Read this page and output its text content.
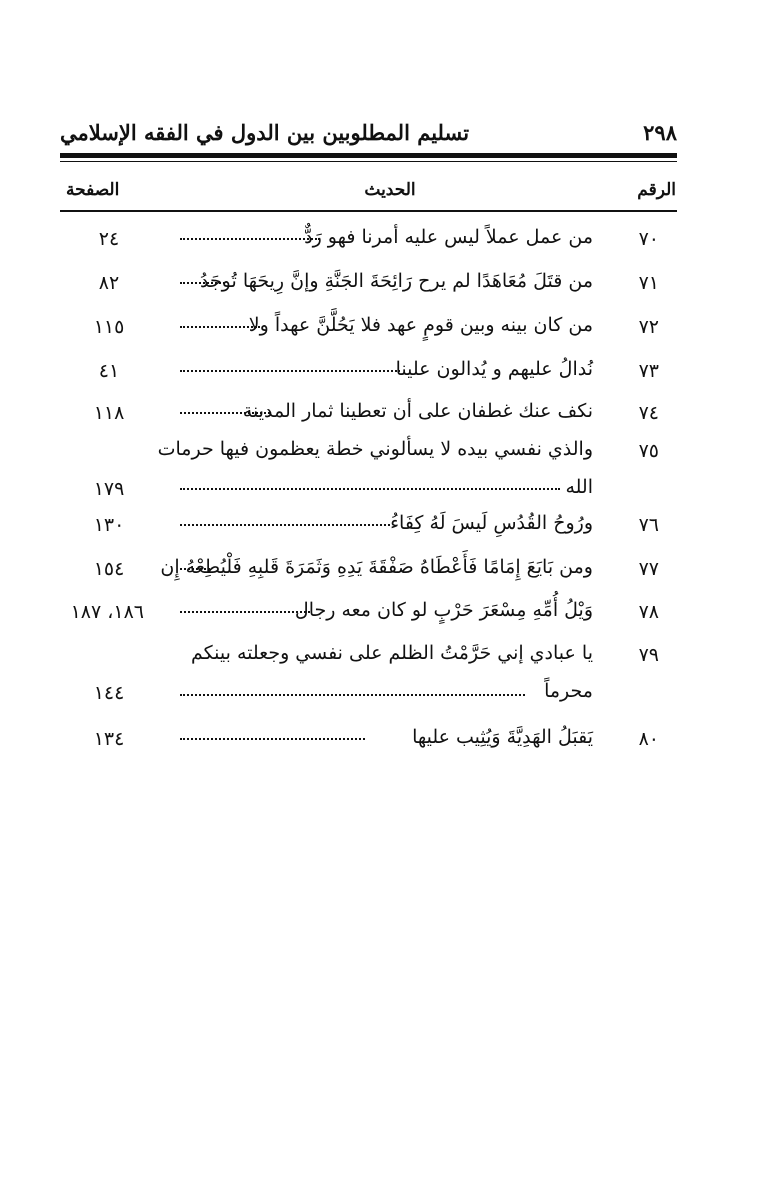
٢٩٨
تسليم المطلوبين بين الدول في الفقه الإسلامي
الرقم
الحديث
الصفحة
٧٠
من عمل عملاً ليس عليه أمرنا فهو رَدٌّ
٢٤
٧١
من قتَلَ مُعَاهَدًا لم يرح رَائِحَةَ الجَنَّةِ وإنَّ رِيحَهَا تُوجَدُ
٨٢
٧٢
من كان بينه وبين قومٍ عهد فلا يَحُلَّنَّ عهداً ولا
١١٥
٧٣
نُدالُ عليهم و يُدالون علينا
٤١
٧٤
نكف عنك غطفان على أن تعطينا ثمار المدينة
١١٨
٧٥
والذي نفسي بيده لا يسألوني خطة يعظمون فيها حرمات
الله
١٧٩
٧٦
ورُوحُ القُدُسِ لَيسَ لَهُ كِفَاءُ
١٣٠
٧٧
ومن بَايَعَ إِمَامًا فَأَعْطَاهُ صَفْقَةَ يَدِهِ وَثَمَرَةَ قَلبِهِ فَلْيُطِعْهُ إِن
١٥٤
٧٨
وَيْلُ أُمِّهِ مِسْعَرَ حَرْبٍ لو كان معه رجال
١٨٦، ١٨٧
٧٩
يا عبادي إني حَرَّمْتُ الظلم على نفسي وجعلته بينكم
محرماً
١٤٤
٨٠
يَقبَلُ الهَدِيَّةَ وَيُثِيب عليها
١٣٤
